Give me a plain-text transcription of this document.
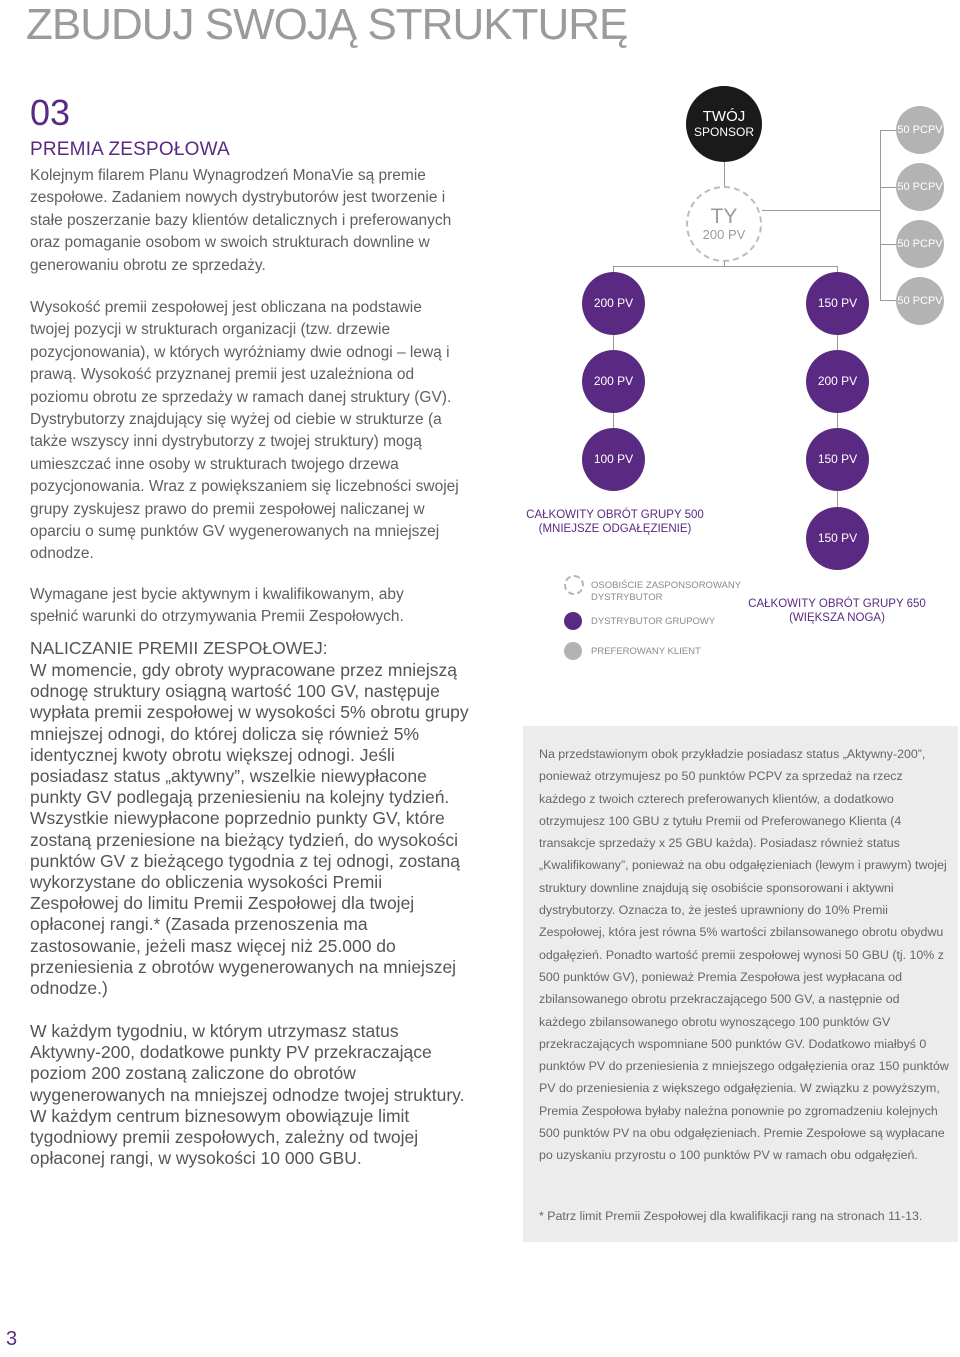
ZBUDUJ SWOJĄ STRUKTURĘ
03
PREMIA ZESPOŁOWA
Kolejnym filarem Planu Wynagrodzeń MonaVie są premie zespołowe. Zadaniem nowych dystrybutorów jest tworzenie i stałe poszerzanie bazy klientów detalicznych i preferowanych oraz pomaganie osobom w swoich strukturach downline w generowaniu obrotu ze sprzedaży.
Wysokość premii zespołowej jest obliczana na podstawie twojej pozycji w strukturach organizacji (tzw. drzewie pozycjonowania), w których wyróżniamy dwie odnogi – lewą i prawą. Wysokość przyznanej premii jest uzależniona od poziomu obrotu ze sprzedaży w ramach danej struktury (GV). Dystrybutorzy znajdujący się wyżej od ciebie w strukturze (a także wszyscy inni dystrybutorzy z twojej struktury) mogą umieszczać inne osoby w strukturach twojego drzewa pozycjonowania. Wraz z powiększaniem się liczebności swojej grupy zyskujesz prawo do premii zespołowej naliczanej w oparciu o sumę punktów GV wygenerowanych na mniejszej odnodze.
Wymagane jest bycie aktywnym i kwalifikowanym, aby spełnić warunki do otrzymywania Premii Zespołowych.
NALICZANIE PREMII ZESPOŁOWEJ:
W momencie, gdy obroty wypracowane przez mniejszą odnogę struktury osiągną wartość 100 GV, następuje wypłata premii zespołowej w wysokości 5% obrotu grupy mniejszej odnogi, do której dolicza się również 5% identycznej kwoty obrotu większej odnogi. Jeśli posiadasz status „aktywny”, wszelkie niewypłacone punkty GV podlegają przeniesieniu na kolejny tydzień. Wszystkie niewypłacone poprzednio punkty GV, które zostaną przeniesione na bieżący tydzień, do wysokości punktów GV z bieżącego tygodnia z tej odnogi, zostaną wykorzystane do obliczenia wysokości Premii Zespołowej do limitu Premii Zespołowej dla twojej opłaconej rangi.* (Zasada przenoszenia ma zastosowanie, jeżeli masz więcej niż 25.000 do przeniesienia z obrotów wygenerowanych na mniejszej odnodze.)
W każdym tygodniu, w którym utrzymasz status Aktywny-200, dodatkowe punkty PV przekraczające poziom 200 zostaną zaliczone do obrotów wygenerowanych na mniejszej odnodze twojej struktury. W każdym centrum biznesowym obowiązuje limit tygodniowy premii zespołowych, zależny od twojej opłaconej rangi, w wysokości 10 000 GBU.
TWÓJ
SPONSOR
TY
200 PV
200 PV
200 PV
100 PV
150 PV
200 PV
150 PV
150 PV
50 PCPV
50 PCPV
50 PCPV
50 PCPV
CAŁKOWITY OBRÓT GRUPY 500
(MNIEJSZE ODGAŁĘZIENIE)
CAŁKOWITY OBRÓT GRUPY 650
(WIĘKSZA NOGA)
OSOBIŚCIE ZASPONSOROWANY
DYSTRYBUTOR
DYSTRYBUTOR GRUPOWY
PREFEROWANY KLIENT
Na przedstawionym obok przykładzie posiadasz status „Aktywny-200”, ponieważ otrzymujesz po 50 punktów PCPV za sprzedaż na rzecz każdego z twoich czterech preferowanych klientów, a dodatkowo otrzymujesz 100 GBU z tytułu Premii od Preferowanego Klienta (4 transakcje sprzedaży x 25 GBU każda). Posiadasz również status „Kwalifikowany”, ponieważ na obu odgałęzieniach (lewym i prawym) twojej struktury downline znajdują się osobiście sponsorowani i aktywni dystrybutorzy. Oznacza to, że jesteś uprawniony do 10% Premii Zespołowej, która jest równa 5% wartości zbilansowanego obrotu obydwu odgałęzień. Ponadto wartość premii zespołowej wynosi 50 GBU (tj. 10% z 500 punktów GV), ponieważ Premia Zespołowa jest wypłacana od zbilansowanego obrotu przekraczającego 500 GV, a następnie od każdego zbilansowanego obrotu wynoszącego 100 punktów GV przekraczających wspomniane 500 punktów GV. Dodatkowo miałbyś 0 punktów PV do przeniesienia z mniejszego odgałęzienia oraz 150 punktów PV do przeniesienia z większego odgałęzienia. W związku z powyższym, Premia Zespołowa byłaby należna ponownie po zgromadzeniu kolejnych 500 punktów PV na obu odgałęzieniach. Premie Zespołowe są wypłacane po uzyskaniu przyrostu o 100 punktów PV w ramach obu odgałęzień.
* Patrz limit Premii Zespołowej dla kwalifikacji rang na stronach 11-13.
3
